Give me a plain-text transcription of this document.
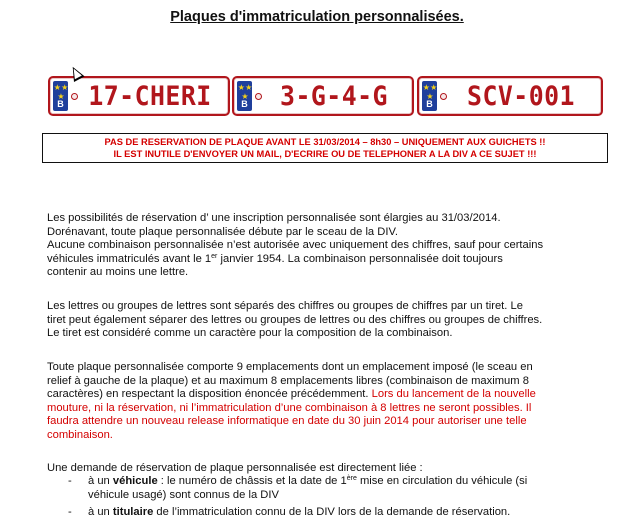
Plaques d'immatriculation personnalisées.
★ ★ ★
B 17-CHERI	★ ★ ★
B	3-G-4-G	★ ★ ★
B	SCV-001
PAS DE RESERVATION DE PLAQUE AVANT LE 31/03/2014 – 8h30 – UNIQUEMENT AUX GUICHETS !!
IL EST INUTILE D'ENVOYER UN MAIL, D'ECRIRE OU DE TELEPHONER A LA DIV A CE SUJET !!!
Les possibilités de réservation d’ une inscription personnalisée sont élargies au 31/03/2014.
Dorénavant, toute plaque personnalisée débute par le sceau de la DIV.
Aucune combinaison personnalisée n’est autorisée avec uniquement des chiffres, sauf pour certains
véhicules immatriculés avant le 1er janvier 1954. La combinaison personnalisée doit toujours
contenir au moins une lettre.
Les lettres ou groupes de lettres sont séparés des chiffres ou groupes de chiffres par un tiret. Le
tiret peut également séparer des lettres ou groupes de lettres ou des chiffres ou groupes de chiffres.
Le tiret est considéré comme un caractère pour la composition de la combinaison.
Toute plaque personnalisée comporte 9 emplacements dont un emplacement imposé (le sceau en
relief à gauche de la plaque) et au maximum 8 emplacements libres (combinaison de maximum 8
caractères) en respectant la disposition énoncée précédemment. Lors du lancement de la nouvelle
mouture, ni la réservation, ni l’immatriculation d’une combinaison à 8 lettres ne seront possibles. Il
faudra attendre un nouveau release informatique en date du 30 juin 2014 pour autoriser une telle
combinaison.
Une demande de réservation de plaque personnalisée est directement liée :
- à un véhicule : le numéro de châssis et la date de 1ère mise en circulation du véhicule (si
véhicule usagé) sont connus de la DIV
- à un titulaire de l’immatriculation connu de la DIV lors de la demande de réservation.
